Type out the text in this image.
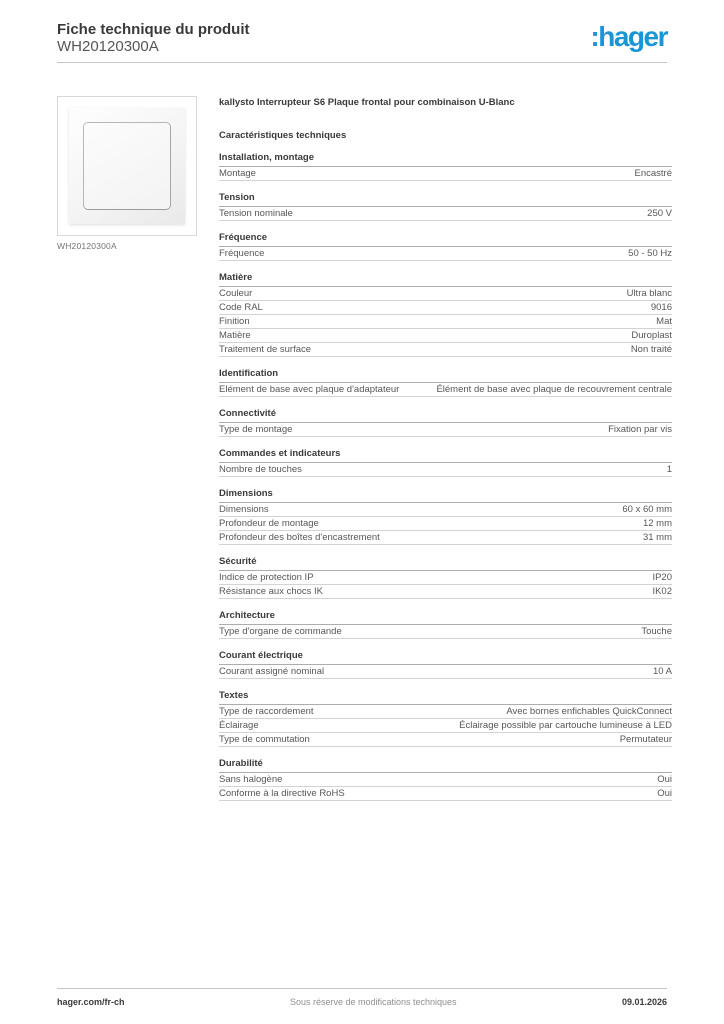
Fiche technique du produit
WH20120300A	:hager
WH20120300A
kallysto Interrupteur S6 Plaque frontal pour combinaison U-Blanc
Caractéristiques techniques
Installation, montage
Montage	Encastré
Tension
Tension nominale	250 V
Fréquence
Fréquence	50 - 50 Hz
Matière
Couleur	Ultra blanc
Code RAL	9016
Finition	Mat
Matière	Duroplast
Traitement de surface	Non traité
Identification
Elément de base avec plaque d'adaptateur	Élément de base avec plaque de recouvrement centrale
Connectivité
Type de montage	Fixation par vis
Commandes et indicateurs
Nombre de touches	1
Dimensions
Dimensions	60 x 60 mm
Profondeur de montage	12 mm
Profondeur des boîtes d'encastrement	31 mm
Sécurité
Indice de protection IP	IP20
Résistance aux chocs IK	IK02
Architecture
Type d'organe de commande	Touche
Courant électrique
Courant assigné nominal	10 A
Textes
Type de raccordement	Avec bornes enfichables QuickConnect
Éclairage	Éclairage possible par cartouche lumineuse à LED
Type de commutation	Permutateur
Durabilité
Sans halogène	Oui
Conforme à la directive RoHS	Oui
hager.com/fr-ch	Sous réserve de modifications techniques	09.01.2026
